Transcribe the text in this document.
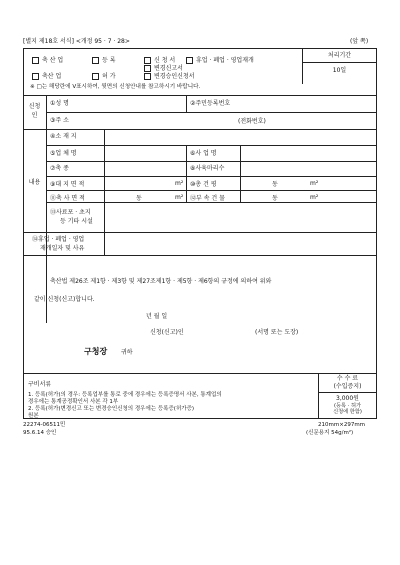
[별지 제18호 서식] <개정 95 · 7 · 28>	(앞 쪽)
처리기간
10일
축 산 업	등 록	신 청 서	휴업 · 폐업 · 영업재개
변경신고서
축산 업	허 가	변경승인신청서
※ □는 해당란에 V표시하여, 뒷면의 신청안내를 참고하시기 바랍니다.
신청
인
①성 명	②주민등록번호
③주 소	(전화번호)
내용
④소 재 지
⑤업 체 명	⑥사 업 명
⑦축 종	⑧사육마리수
⑨대 지 면 적	m² ⑩총 건 평	동	m²
⑪축 사 면 적	동	m² ⑫부 속 건 물	동	m²
⑬사료포 · 초지
등 기타 시설
⑭휴업 · 폐업 · 영업
재개일자 및 사유
축산법 제26조 제1항 · 제3항 및 제27조제1항 · 제5항 · 제6항의 규정에 의하여 위와
같이 신청(신고)합니다.
년 월 일
신청(신고)인	(서명 또는 도장)
구청장 귀하
구비서류
1. 등록(허가)의 경우: 등록업부를 통로 중에 경우에는 등록증명서 사본, 통계업의
경우에는 통계공정확인서 사본 각 1부
2. 등록(허가)변경신고 또는 변경승인신청의 경우에는 등록증(허가증)
원본
수 수 료
(수입증지)
3,000원
(등록 · 허가
신청에 한함)
22274-06511민
95.6.14 승인
210mm×297mm
(신문용지 54g/m²)
